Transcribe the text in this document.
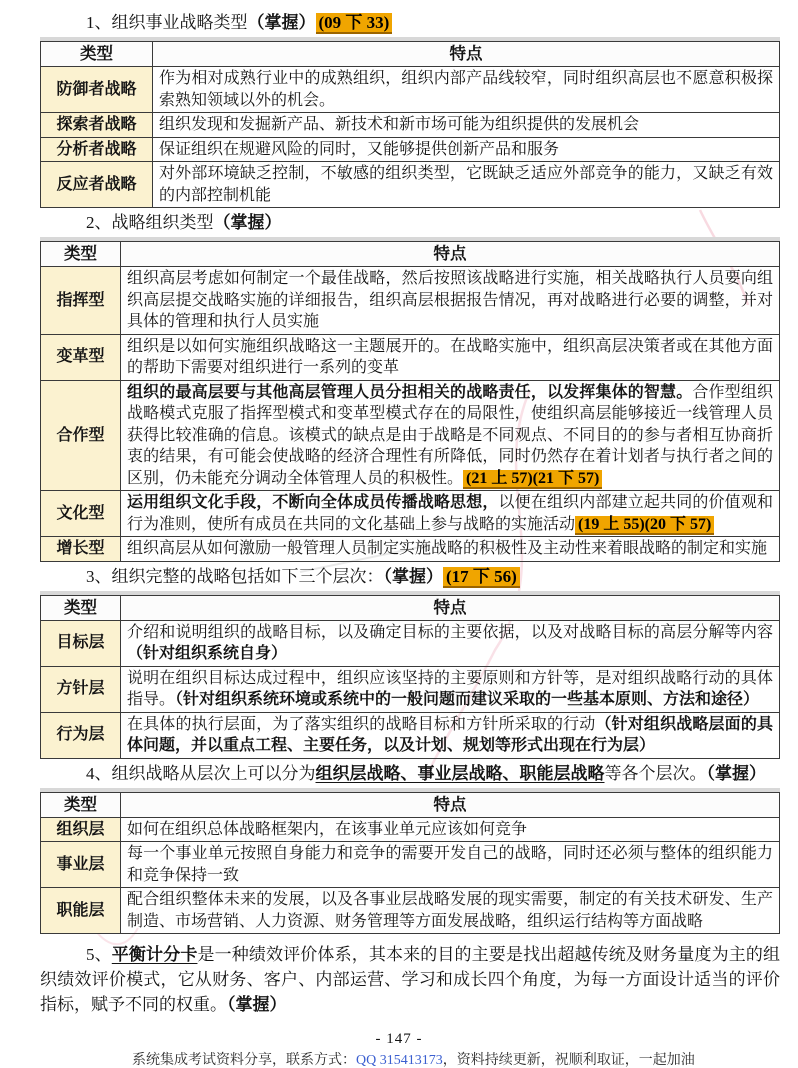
1、组织事业战略类型（掌握） (09 下 33)
类型	特点
防御者战略	作为相对成熟行业中的成熟组织，组织内部产品线较窄，同时组织高层也不愿意积极探索熟知领域以外的机会。
探索者战略	组织发现和发掘新产品、新技术和新市场可能为组织提供的发展机会
分析者战略	保证组织在规避风险的同时，又能够提供创新产品和服务
反应者战略	对外部环境缺乏控制，不敏感的组织类型，它既缺乏适应外部竞争的能力，又缺乏有效的内部控制机能
2、战略组织类型（掌握）
类型	特点
指挥型	组织高层考虑如何制定一个最佳战略，然后按照该战略进行实施，相关战略执行人员要向组织高层提交战略实施的详细报告，组织高层根据报告情况，再对战略进行必要的调整，并对具体的管理和执行人员实施
变革型	组织是以如何实施组织战略这一主题展开的。在战略实施中，组织高层决策者或在其他方面的帮助下需要对组织进行一系列的变革
合作型	组织的最高层要与其他高层管理人员分担相关的战略责任，以发挥集体的智慧。合作型组织战略模式克服了指挥型模式和变革型模式存在的局限性，使组织高层能够接近一线管理人员获得比较准确的信息。该模式的缺点是由于战略是不同观点、不同目的的参与者相互协商折衷的结果，有可能会使战略的经济合理性有所降低，同时仍然存在着计划者与执行者之间的区别，仍未能充分调动全体管理人员的积极性。 (21 上 57)(21 下 57)
文化型	运用组织文化手段，不断向全体成员传播战略思想，以便在组织内部建立起共同的价值观和行为准则，使所有成员在共同的文化基础上参与战略的实施活动 (19 上 55)(20 下 57)
增长型	组织高层从如何激励一般管理人员制定实施战略的积极性及主动性来着眼战略的制定和实施
3、组织完整的战略包括如下三个层次：（掌握） (17 下 56)
类型	特点
目标层	介绍和说明组织的战略目标，以及确定目标的主要依据，以及对战略目标的高层分解等内容（针对组织系统自身）
方针层	说明在组织目标达成过程中，组织应该坚持的主要原则和方针等，是对组织战略行动的具体指导。（针对组织系统环境或系统中的一般问题而建议采取的一些基本原则、方法和途径）
行为层	在具体的执行层面，为了落实组织的战略目标和方针所采取的行动（针对组织战略层面的具体问题，并以重点工程、主要任务，以及计划、规划等形式出现在行为层）
4、组织战略从层次上可以分为组织层战略、事业层战略、职能层战略等各个层次。（掌握）
类型	特点
组织层	如何在组织总体战略框架内，在该事业单元应该如何竞争
事业层	每一个事业单元按照自身能力和竞争的需要开发自己的战略，同时还必须与整体的组织能力和竞争保持一致
职能层	配合组织整体未来的发展，以及各事业层战略发展的现实需要，制定的有关技术研发、生产制造、市场营销、人力资源、财务管理等方面发展战略，组织运行结构等方面战略

5、平衡计分卡是一种绩效评价体系，其本来的目的主要是找出超越传统及财务量度为主的组织绩效评价模式，它从财务、客户、内部运营、学习和成长四个角度，为每一方面设计适当的评价指标，赋予不同的权重。（掌握）

- 147 -
系统集成考试资料分享，联系方式：QQ 315413173，资料持续更新，祝顺利取证，一起加油
